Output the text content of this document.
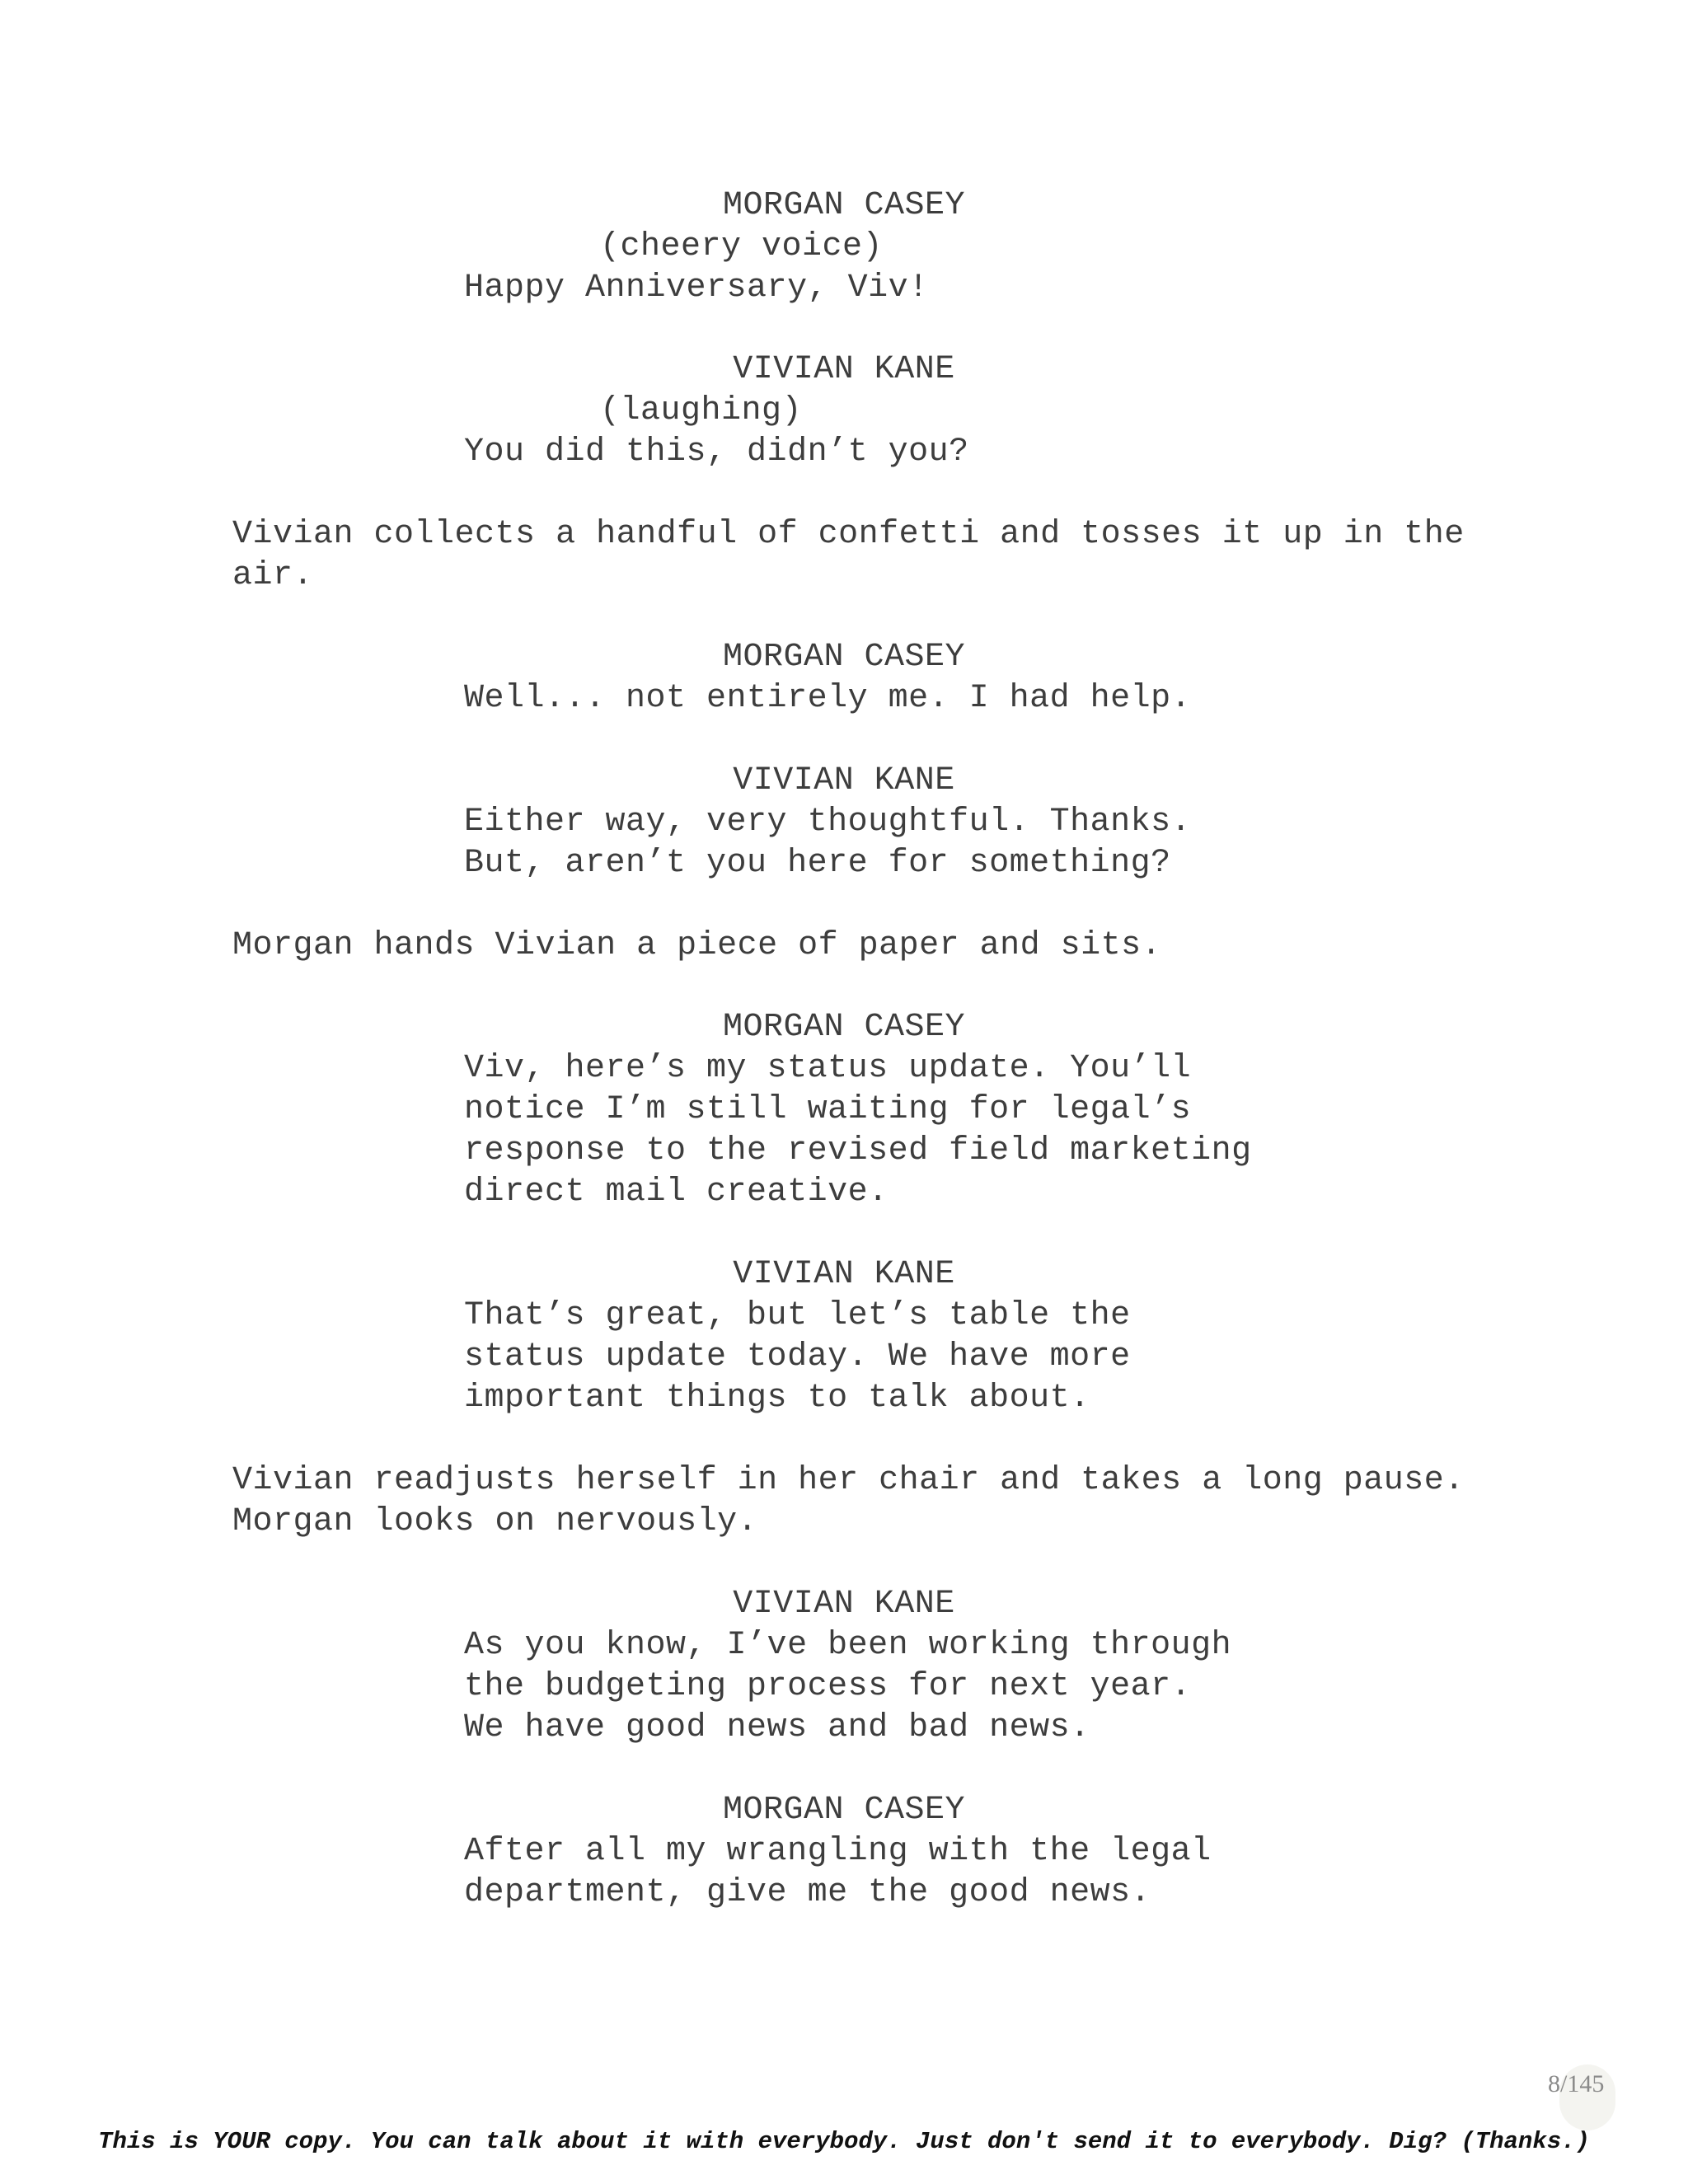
MORGAN CASEY
(cheery voice)
Happy Anniversary, Viv!
VIVIAN KANE
(laughing)
You did this, didn’t you?
Vivian collects a handful of confetti and tosses it up in the
air.
MORGAN CASEY
Well... not entirely me. I had help.
VIVIAN KANE
Either way, very thoughtful. Thanks.
But, aren’t you here for something?
Morgan hands Vivian a piece of paper and sits.
MORGAN CASEY
Viv, here’s my status update. You’ll
notice I’m still waiting for legal’s
response to the revised field marketing
direct mail creative.
VIVIAN KANE
That’s great, but let’s table the
status update today. We have more
important things to talk about.
Vivian readjusts herself in her chair and takes a long pause.
Morgan looks on nervously.
VIVIAN KANE
As you know, I’ve been working through
the budgeting process for next year.
We have good news and bad news.
MORGAN CASEY
After all my wrangling with the legal
department, give me the good news.
8/145
This is YOUR copy. You can talk about it with everybody. Just don't send it to everybody. Dig? (Thanks.)
